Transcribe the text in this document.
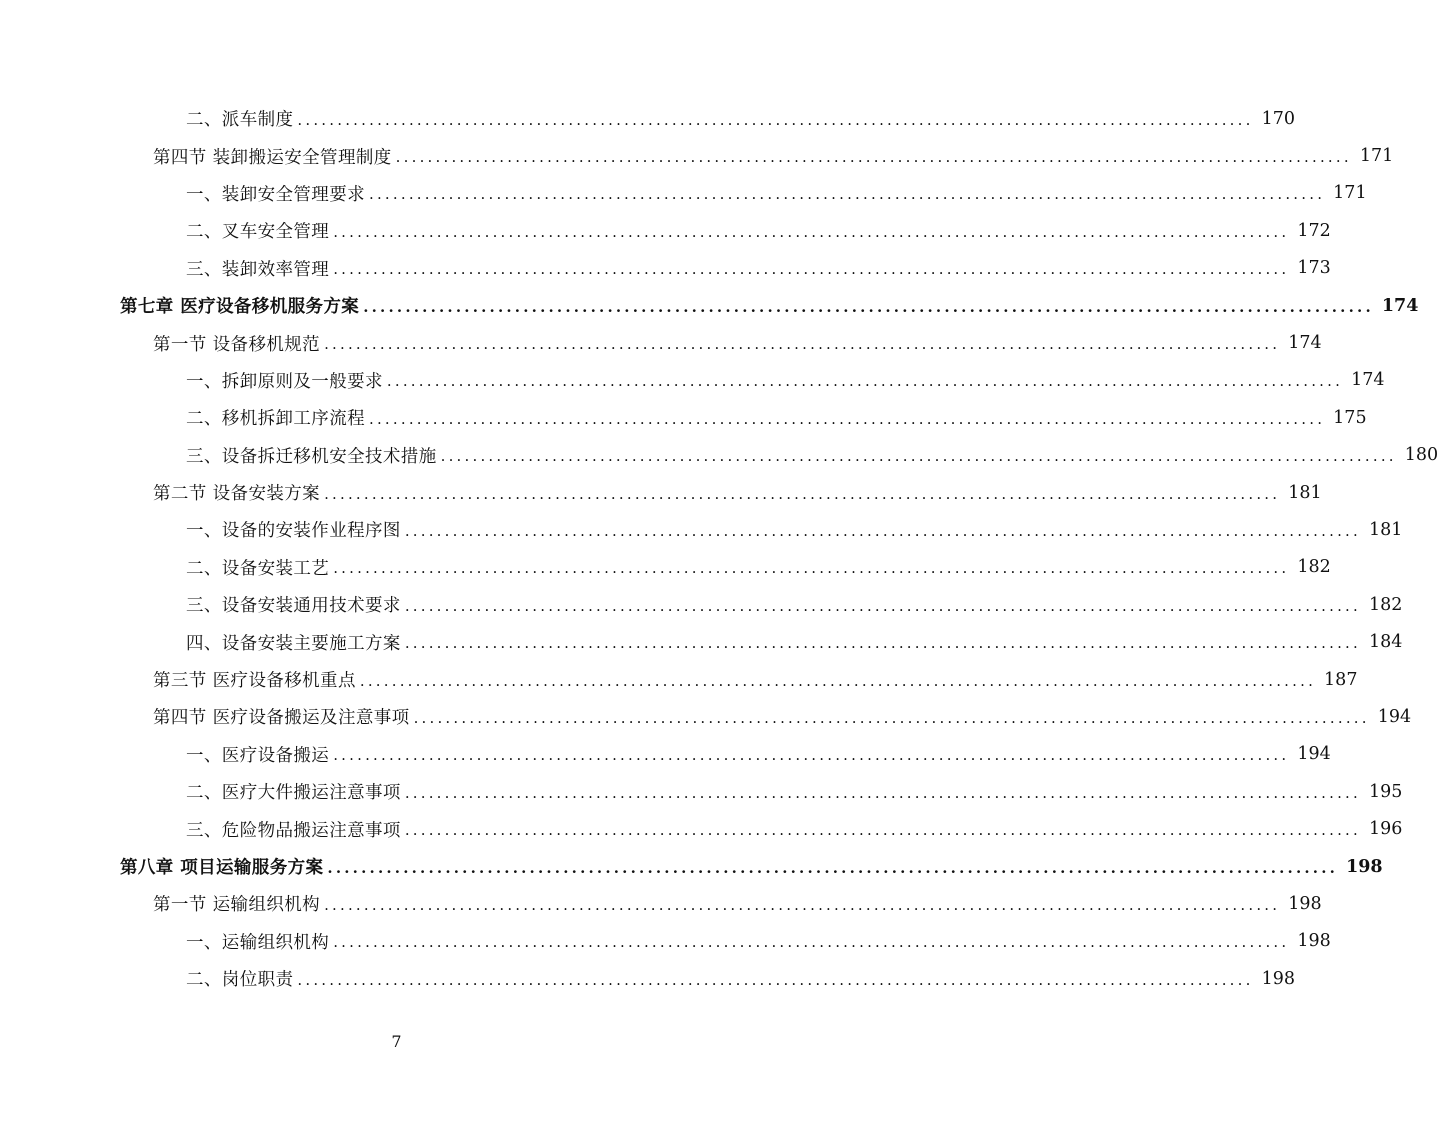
二、派车制度 ........................................................................................................................ 170
第四节 装卸搬运安全管理制度 ........................................................................................................................ 171
一、装卸安全管理要求 ........................................................................................................................ 171
二、叉车安全管理 ........................................................................................................................ 172
三、装卸效率管理 ........................................................................................................................ 173
第七章 医疗设备移机服务方案 ........................................................................................................................ 174
第一节 设备移机规范 ........................................................................................................................ 174
一、拆卸原则及一般要求 ........................................................................................................................ 174
二、移机拆卸工序流程 ........................................................................................................................ 175
三、设备拆迁移机安全技术措施 ........................................................................................................................ 180
第二节 设备安装方案 ........................................................................................................................ 181
一、设备的安装作业程序图 ........................................................................................................................ 181
二、设备安装工艺 ........................................................................................................................ 182
三、设备安装通用技术要求 ........................................................................................................................ 182
四、设备安装主要施工方案 ........................................................................................................................ 184
第三节 医疗设备移机重点 ........................................................................................................................ 187
第四节 医疗设备搬运及注意事项 ........................................................................................................................ 194
一、医疗设备搬运 ........................................................................................................................ 194
二、医疗大件搬运注意事项 ........................................................................................................................ 195
三、危险物品搬运注意事项 ........................................................................................................................ 196
第八章 项目运输服务方案 ........................................................................................................................ 198
第一节 运输组织机构 ........................................................................................................................ 198
一、运输组织机构 ........................................................................................................................ 198
二、岗位职责 ........................................................................................................................ 198
7
